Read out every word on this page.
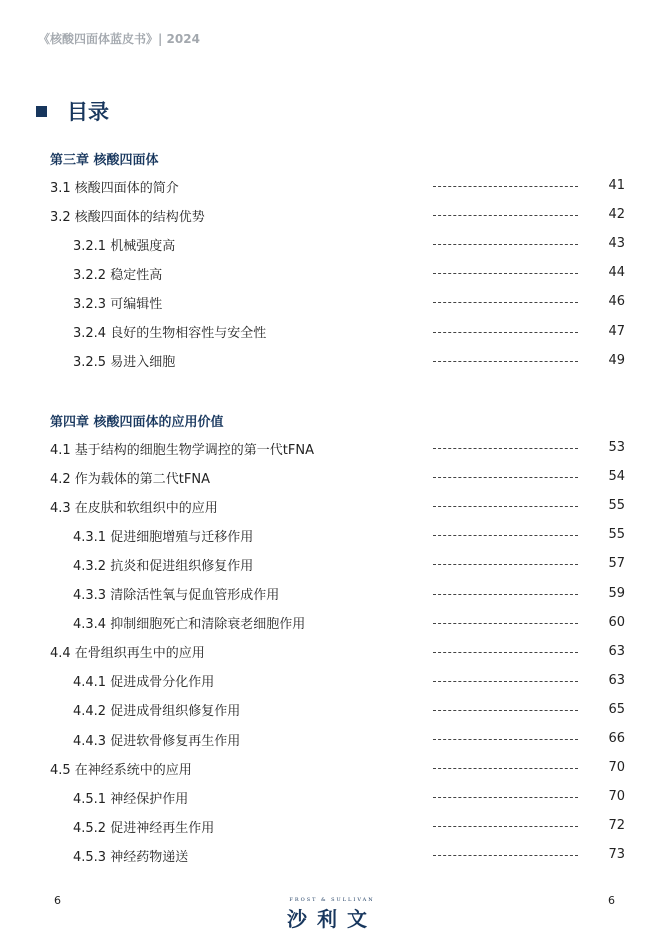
《核酸四面体蓝皮书》| 2024
目录
第三章 核酸四面体
3.1 核酸四面体的简介	41
3.2 核酸四面体的结构优势	42
3.2.1 机械强度高	43
3.2.2 稳定性高	44
3.2.3 可编辑性	46
3.2.4 良好的生物相容性与安全性	47
3.2.5 易进入细胞	49
第四章 核酸四面体的应用价值
4.1 基于结构的细胞生物学调控的第一代tFNA	53
4.2 作为载体的第二代tFNA	54
4.3 在皮肤和软组织中的应用	55
4.3.1 促进细胞增殖与迁移作用	55
4.3.2 抗炎和促进组织修复作用	57
4.3.3 清除活性氧与促血管形成作用	59
4.3.4 抑制细胞死亡和清除衰老细胞作用	60
4.4 在骨组织再生中的应用	63
4.4.1 促进成骨分化作用	63
4.4.2 促进成骨组织修复作用	65
4.4.3 促进软骨修复再生作用	66
4.5 在神经系统中的应用	70
4.5.1 神经保护作用	70
4.5.2 促进神经再生作用	72
4.5.3 神经药物递送	73
6	6
FROST & SULLIVAN
沙利文
